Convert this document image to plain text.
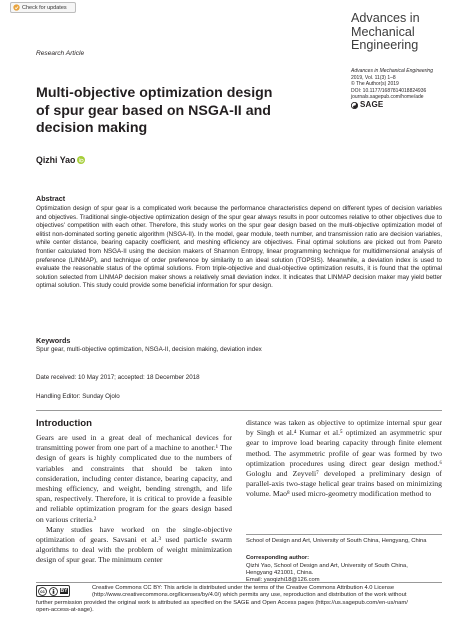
Check for updates
Advances in
Mechanical
Engineering
Research Article
Advances in Mechanical Engineering
2019, Vol. 11(3) 1–8
© The Author(s) 2019
DOI: 10.1177/1687814018824936
journals.sagepub.com/home/ade
SAGE
Multi-objective optimization design
of spur gear based on NSGA-II and
decision making
Qizhi Yao
Abstract

Optimization design of spur gear is a complicated work because the performance characteristics depend on different types of decision variables and objectives. Traditional single-objective optimization design of the spur gear always results in poor outcomes relative to other objectives due to objectives' competition with each other. Therefore, this study works on the spur gear design based on the multi-objective optimization model of elitist non-dominated sorting genetic algorithm (NSGA-II). In the model, gear module, teeth number, and transmission ratio are decision variables, while center distance, bearing capacity coefficient, and meshing efficiency are objectives. Final optimal solutions are picked out from Pareto frontier calculated from NSGA-II using the decision makers of Shannon Entropy, linear programming technique for multidimensional analysis of preference (LINMAP), and technique of order preference by similarity to an ideal solution (TOPSIS). Meanwhile, a deviation index is used to evaluate the reasonable status of the optimal solutions. From triple-objective and dual-objective optimization results, it is found that the optimal solution selected from LINMAP decision maker shows a relatively small deviation index. It indicates that LINMAP decision maker may yield better optimal solution. This study could provide some beneficial information for spur design.

Keywords
Spur gear, multi-objective optimization, NSGA-II, decision making, deviation index
Date received: 10 May 2017; accepted: 18 December 2018
Handling Editor: Sunday Ojolo
Introduction

Gears are used in a great deal of mechanical devices for transmitting power from one part of a machine to another.¹ The design of gears is highly complicated due to the numbers of variables and constraints that should be taken into consideration, including center distance, bearing capacity, and meshing efficiency, and weight, bending strength, and life span, respectively. Therefore, it is critical to provide a feasible and reliable optimization program for the gears design based on various criteria.²

Many studies have worked on the single-objective optimization of gears. Savsani et al.³ used particle swarm algorithms to deal with the problem of weight minimization design of spur gear. The minimum center

distance was taken as objective to optimize internal spur gear by Singh et al.⁴ Kumar et al.⁵ optimized an asymmetric spur gear to improve load bearing capacity through finite element method. The asymmetric profile of gear was formed by two optimization procedures using direct gear design method.⁶ Gologlu and Zeyveli⁷ developed a preliminary design of parallel-axis two-stage helical gear trains based on minimizing volume. Mao⁸ used micro-geometry modification method to

School of Design and Art, University of South China, Hengyang, China
Corresponding author:
Qizhi Yao, School of Design and Art, University of South China,
Hengyang 421001, China.
Email: yaoqizhi18@126.com
cc	BY	Creative Commons CC BY: This article is distributed under the terms of the Creative Commons Attribution 4.0 License
(http://www.creativecommons.org/licenses/by/4.0/) which permits any use, reproduction and distribution of the work without
further permission provided the original work is attributed as specified on the SAGE and Open Access pages (https://us.sagepub.com/en-us/nam/
open-access-at-sage).
